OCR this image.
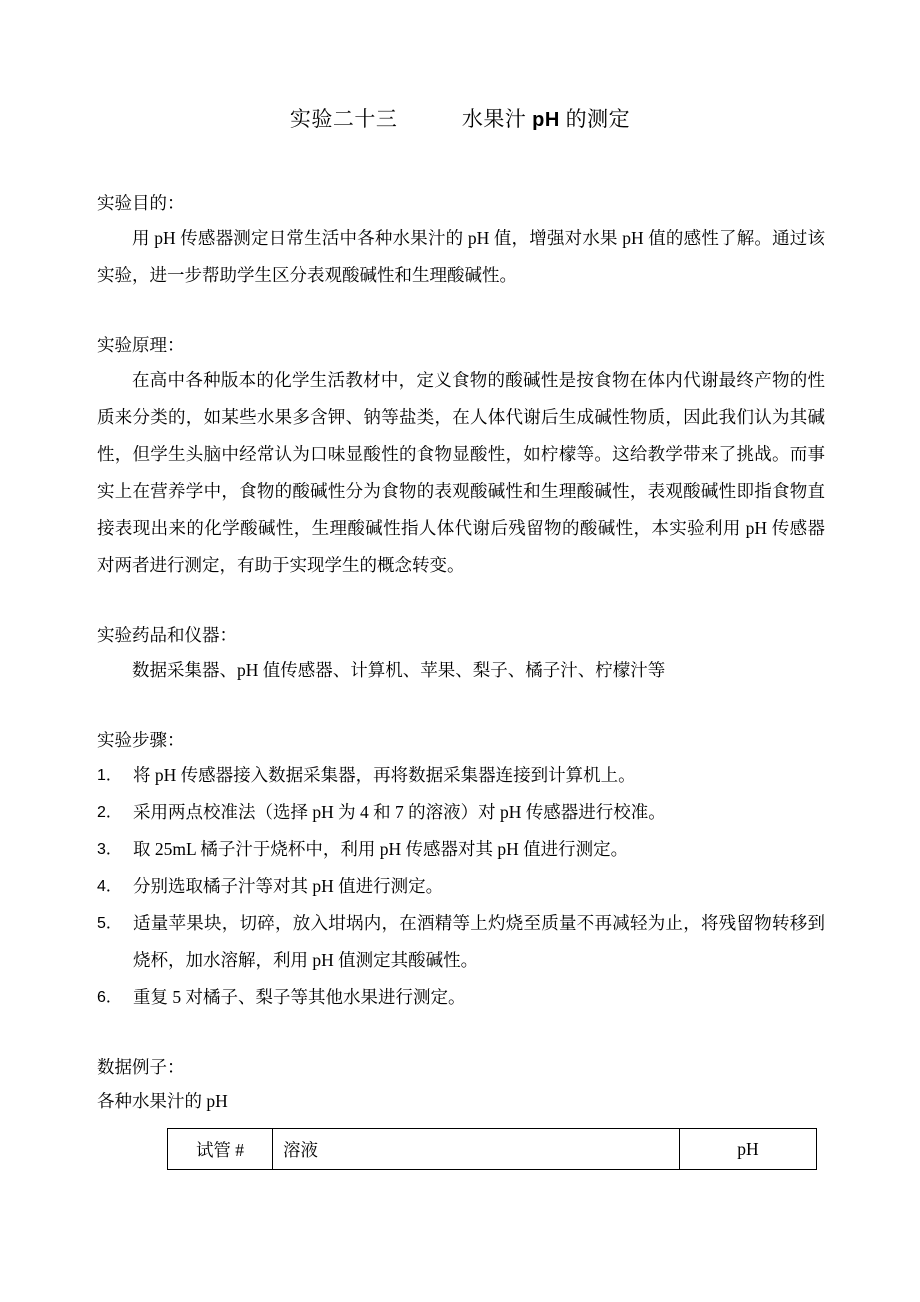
实验二十三　　　	水果汁 pH 的测定
实验目的：

用 pH 传感器测定日常生活中各种水果汁的 pH 值，增强对水果 pH 值的感性了解。通过该实验，进一步帮助学生区分表观酸碱性和生理酸碱性。

实验原理：

在高中各种版本的化学生活教材中，定义食物的酸碱性是按食物在体内代谢最终产物的性质来分类的，如某些水果多含钾、钠等盐类，在人体代谢后生成碱性物质，因此我们认为其碱性，但学生头脑中经常认为口味显酸性的食物显酸性，如柠檬等。这给教学带来了挑战。而事实上在营养学中，食物的酸碱性分为食物的表观酸碱性和生理酸碱性，表观酸碱性即指食物直接表现出来的化学酸碱性，生理酸碱性指人体代谢后残留物的酸碱性，本实验利用 pH 传感器对两者进行测定，有助于实现学生的概念转变。

实验药品和仪器：

数据采集器、pH 值传感器、计算机、苹果、梨子、橘子汁、柠檬汁等

实验步骤：
1． 将 pH 传感器接入数据采集器，再将数据采集器连接到计算机上。
2． 采用两点校准法（选择 pH 为 4 和 7 的溶液）对 pH 传感器进行校准。
3． 取 25mL 橘子汁于烧杯中，利用 pH 传感器对其 pH 值进行测定。
4． 分别选取橘子汁等对其 pH 值进行测定。
5． 适量苹果块，切碎，放入坩埚内，在酒精等上灼烧至质量不再减轻为止，将残留物转移到烧杯，加水溶解，利用 pH 值测定其酸碱性。
6． 重复 5 对橘子、梨子等其他水果进行测定。
数据例子：
各种水果汁的 pH
试管 #	溶液	pH
